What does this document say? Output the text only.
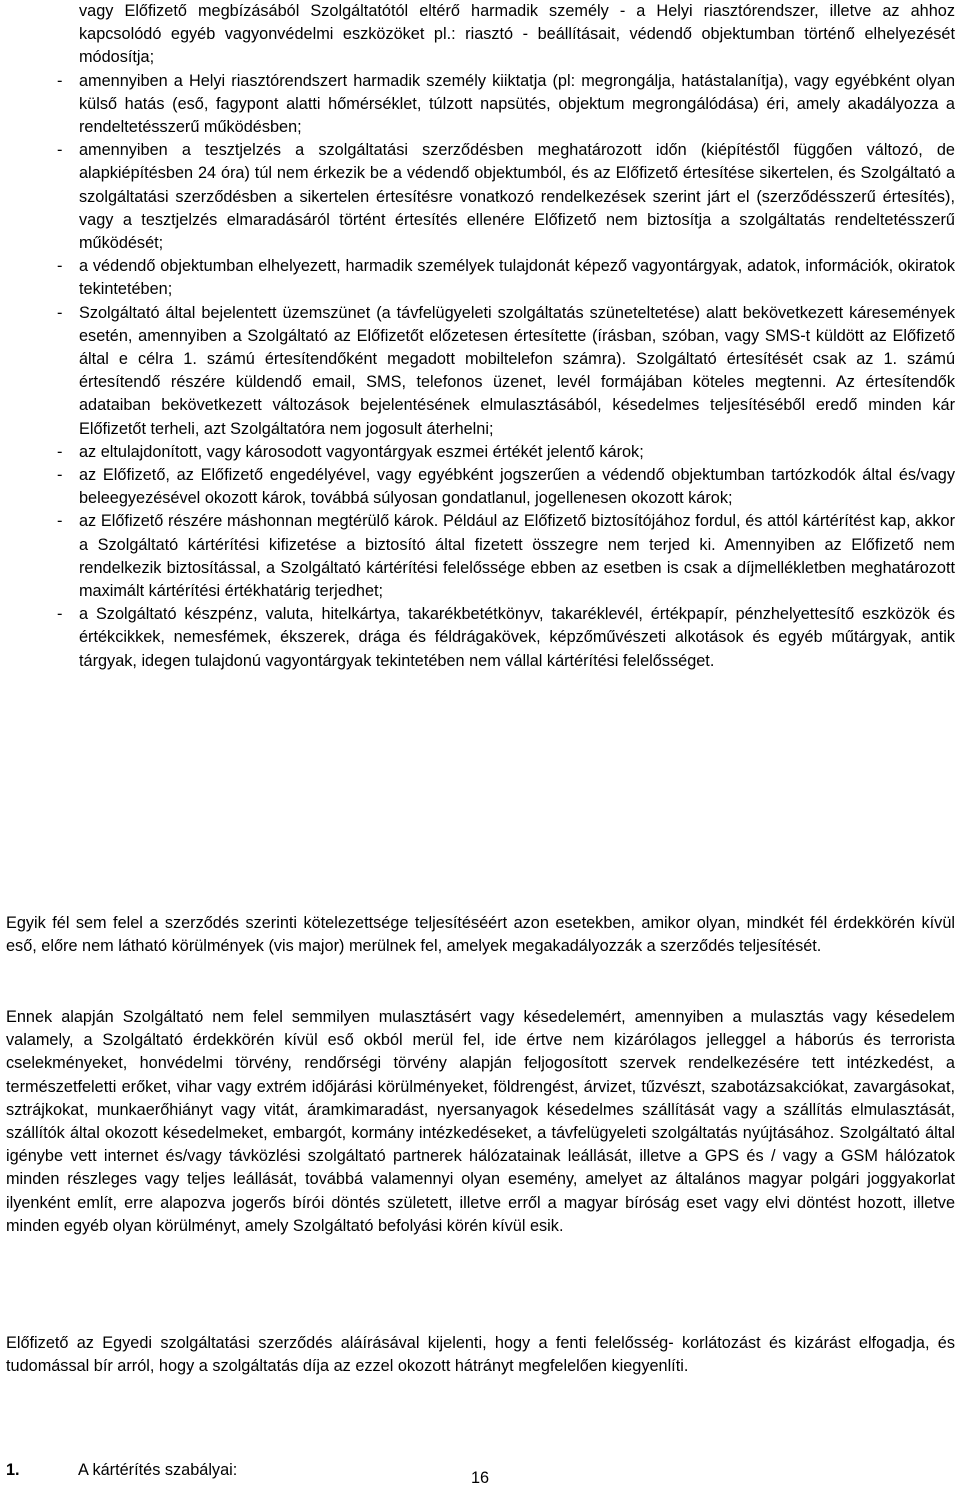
vagy Előfizető megbízásából Szolgáltatótól eltérő harmadik személy - a Helyi riasztórendszer, illetve az ahhoz kapcsolódó egyéb vagyonvédelmi eszközöket pl.: riasztó - beállításait, védendő objektumban történő elhelyezését módosítja;
-	amennyiben a Helyi riasztórendszert harmadik személy kiiktatja (pl: megrongálja, hatástalanítja), vagy egyébként olyan külső hatás (eső, fagypont alatti hőmérséklet, túlzott napsütés, objektum megrongálódása) éri, amely akadályozza a rendeltetésszerű működésben;
-	amennyiben a tesztjelzés a szolgáltatási szerződésben meghatározott időn (kiépítéstől függően változó, de alapkiépítésben 24 óra) túl nem érkezik be a védendő objektumból, és az Előfizető értesítése sikertelen, és Szolgáltató a szolgáltatási szerződésben a sikertelen értesítésre vonatkozó rendelkezések szerint járt el (szerződésszerű értesítés), vagy a tesztjelzés elmaradásáról történt értesítés ellenére Előfizető nem biztosítja a szolgáltatás rendeltetésszerű működését;
-	a védendő objektumban elhelyezett, harmadik személyek tulajdonát képező vagyontárgyak, adatok, információk, okiratok tekintetében;
-	Szolgáltató által bejelentett üzemszünet (a távfelügyeleti szolgáltatás szüneteltetése) alatt bekövetkezett káresemények esetén, amennyiben a Szolgáltató az Előfizetőt előzetesen értesítette (írásban, szóban, vagy SMS-t küldött az Előfizető által e célra 1. számú értesítendőként megadott mobiltelefon számra). Szolgáltató értesítését csak az 1. számú értesítendő részére küldendő email, SMS, telefonos üzenet, levél formájában köteles megtenni. Az értesítendők adataiban bekövetkezett változások bejelentésének elmulasztásából, késedelmes teljesítéséből eredő minden kár Előfizetőt terheli, azt Szolgáltatóra nem jogosult áterhelni;
-	az eltulajdonított, vagy károsodott vagyontárgyak eszmei értékét jelentő károk;
-	az Előfizető, az Előfizető engedélyével, vagy egyébként jogszerűen a védendő objektumban tartózkodók által és/vagy beleegyezésével okozott károk, továbbá súlyosan gondatlanul, jogellenesen okozott károk;
-	az Előfizető részére máshonnan megtérülő károk. Például az Előfizető biztosítójához fordul, és attól kártérítést kap, akkor a Szolgáltató kártérítési kifizetése a biztosító által fizetett összegre nem terjed ki. Amennyiben az Előfizető nem rendelkezik biztosítással, a Szolgáltató kártérítési felelőssége ebben az esetben is csak a díjmellékletben meghatározott maximált kártérítési értékhatárig terjedhet;
-	a Szolgáltató készpénz, valuta, hitelkártya, takarékbetétkönyv, takaréklevél, értékpapír, pénzhelyettesítő eszközök és értékcikkek, nemesfémek, ékszerek, drága és féldrágakövek, képzőművészeti alkotások és egyéb műtárgyak, antik tárgyak, idegen tulajdonú vagyontárgyak tekintetében nem vállal kártérítési felelősséget.

Egyik fél sem felel a szerződés szerinti kötelezettsége teljesítéséért azon esetekben, amikor olyan, mindkét fél érdekkörén kívül eső, előre nem látható körülmények (vis major) merülnek fel, amelyek megakadályozzák a szerződés teljesítését.

Ennek alapján Szolgáltató nem felel semmilyen mulasztásért vagy késedelemért, amennyiben a mulasztás vagy késedelem valamely, a Szolgáltató érdekkörén kívül eső okból merül fel, ide értve nem kizárólagos jelleggel a háborús és terrorista cselekményeket, honvédelmi törvény, rendőrségi törvény alapján feljogosított szervek rendelkezésére tett intézkedést, a természetfeletti erőket, vihar vagy extrém időjárási körülményeket, földrengést, árvizet, tűzvészt, szabotázsakciókat, zavargásokat, sztrájkokat, munkaerőhiányt vagy vitát, áramkimaradást, nyersanyagok késedelmes szállítását vagy a szállítás elmulasztását, szállítók által okozott késedelmeket, embargót, kormány intézkedéseket, a távfelügyeleti szolgáltatás nyújtásához. Szolgáltató által igénybe vett internet és/vagy távközlési szolgáltató partnerek hálózatainak leállását, illetve a GPS és / vagy a GSM hálózatok minden részleges vagy teljes leállását, továbbá valamennyi olyan esemény, amelyet az általános magyar polgári joggyakorlat ilyenként említ, erre alapozva jogerős bírói döntés született, illetve erről a magyar bíróság eset vagy elvi döntést hozott, illetve minden egyéb olyan körülményt, amely Szolgáltató befolyási körén kívül esik.

Előfizető az Egyedi szolgáltatási szerződés aláírásával kijelenti, hogy a fenti felelősség- korlátozást és kizárást elfogadja, és tudomással bír arról, hogy a szolgáltatás díja az ezzel okozott hátrányt megfelelően kiegyenlíti.

1.	A kártérítés szabályai:	16
